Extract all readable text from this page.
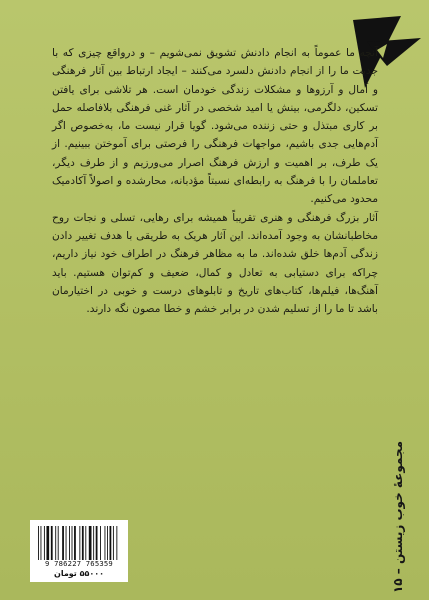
آنچه ما عموماً به انجام دادنش تشویق نمی‌شویم – و درواقع چیزی که با جدیت ما را از انجام دادنش دلسرد می‌کنند – ایجاد ارتباط بین آثار فرهنگی و آمال و آرزوها و مشکلات زندگی خودمان است. هر تلاشی برای یافتن تسکین، دلگرمی، بینش یا امید شخصی در آثار غنی فرهنگی بلافاصله حمل بر کاری مبتذل و حتی زننده می‌شود. گویا قرار نیست ما، به‌خصوص اگر آدم‌هایی جدی باشیم، مواجهات فرهنگی را فرصتی برای آموختن ببینیم. از یک طرف، بر اهمیت و ارزش فرهنگ اصرار می‌ورزیم و از طرف دیگر، تعاملمان را با فرهنگ به رابطه‌ای نسبتاً مؤدبانه، محارشده و اصولاً آکادمیک محدود می‌کنیم.

آثار بزرگ فرهنگی و هنری تقریباً همیشه برای رهایی، تسلی و نجات روح مخاطبانشان به وجود آمده‌اند. این آثار هریک به طریقی با هدف تغییر دادن زندگی آدم‌ها خلق شده‌اند. ما به مظاهر فرهنگ در اطراف خود نیاز داریم، چراکه برای دستیابی به تعادل و کمال، ضعیف و کم‌توان هستیم. باید آهنگ‌ها، فیلم‌ها، کتاب‌های تاریخ و تابلوهای درست و خوبی در اختیارمان باشد تا ما را از تسلیم شدن در برابر خشم و خطا مصون نگه دارند.

مجموعهٔ خوب زیستن – ۱۵
9 786227 765359
۵۵۰۰۰ تومان
